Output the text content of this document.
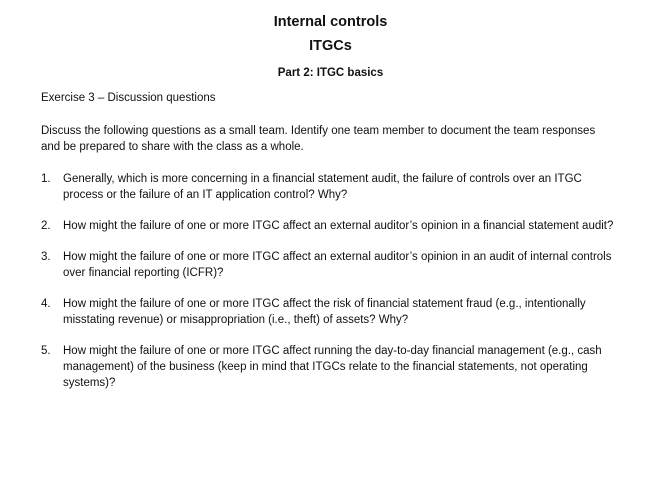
Internal controls
ITGCs
Part 2: ITGC basics

Exercise 3 – Discussion questions

Discuss the following questions as a small team. Identify one team member to document the team responses and be prepared to share with the class as a whole.

1. Generally, which is more concerning in a financial statement audit, the failure of controls over an ITGC process or the failure of an IT application control? Why?
2. How might the failure of one or more ITGC affect an external auditor’s opinion in a financial statement audit?
3. How might the failure of one or more ITGC affect an external auditor’s opinion in an audit of internal controls over financial reporting (ICFR)?
4. How might the failure of one or more ITGC affect the risk of financial statement fraud (e.g., intentionally misstating revenue) or misappropriation (i.e., theft) of assets? Why?
5. How might the failure of one or more ITGC affect running the day-to-day financial management (e.g., cash management) of the business (keep in mind that ITGCs relate to the financial statements, not operating systems)?
